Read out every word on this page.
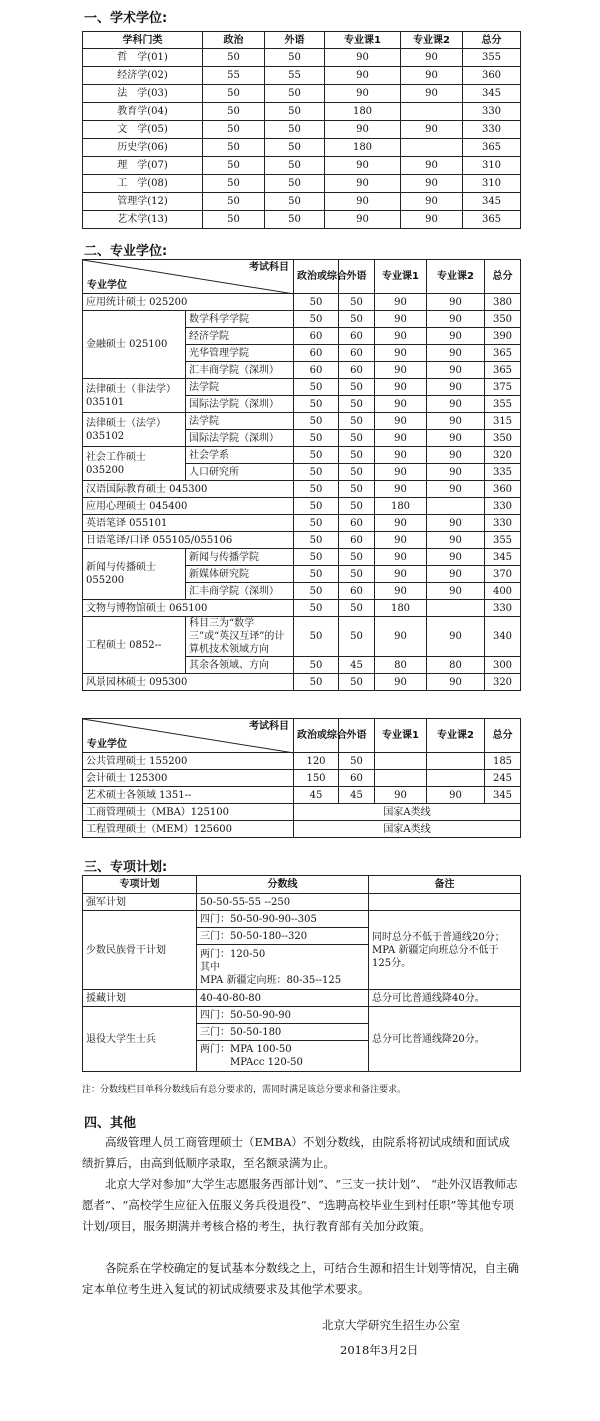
一、学术学位:
学科门类	政治	外语	专业课1	专业课2	总分
哲　学(01)	50	50	90	90	355
经济学(02)	55	55	90	90	360
法　学(03)	50	50	90	90	345
教育学(04)	50	50	180		330
文　学(05)	50	50	90	90	330
历史学(06)	50	50	180		365
理　学(07)	50	50	90	90	310
工　学(08)	50	50	90	90	310
管理学(12)	50	50	90	90	345
艺术学(13)	50	50	90	90	365
二、专业学位:
考试科目
专业学位		政治或综合	外语	专业课1	专业课2	总分
应用统计硕士 025200		50	50	90	90	380
金融硕士 025100	数学科学学院	50	50	90	90	350
	经济学院	60	60	90	90	390
	光华管理学院	60	60	90	90	365
	汇丰商学院（深圳）	60	60	90	90	365
法律硕士（非法学）035101	法学院	50	50	90	90	375
	国际法学院（深圳）	50	50	90	90	355
法律硕士（法学）035102	法学院	50	50	90	90	315
	国际法学院（深圳）	50	50	90	90	350
社会工作硕士 035200	社会学系	50	50	90	90	320
	人口研究所	50	50	90	90	335
汉语国际教育硕士 045300		50	50	90	90	360
应用心理硕士 045400		50	50	180		330
英语笔译 055101		50	60	90	90	330
日语笔译/口译 055105/055106		50	60	90	90	355
新闻与传播硕士 055200	新闻与传播学院	50	50	90	90	345
	新媒体研究院	50	50	90	90	370
	汇丰商学院（深圳）	50	60	90	90	400
文物与博物馆硕士 065100		50	50	180		330
工程硕士 0852--	科目三为“数学三”或“英汉互译”的计算机技术领域方向	50	50	90	90	340
	其余各领域、方向	50	45	80	80	300
风景园林硕士 095300		50	50	90	90	320
考试科目
专业学位	政治或综合	外语	专业课1	专业课2	总分
公共管理硕士 155200	120	50			185
会计硕士 125300	150	60			245
艺术硕士各领域 1351--	45	45	90	90	345
工商管理硕士（MBA）125100	国家A类线				
工程管理硕士（MEM）125600	国家A类线				
三、专项计划:
专项计划	分数线	备注
强军计划	50-50-55-55 --250	
少数民族骨干计划	四门：50-50-90-90--305	同时总分不低于普通线20分；MPA 新疆定向班总分不低于125分。
	三门：50-50-180--320	
	两门：120-50
其中
MPA 新疆定向班：80-35--125	
援藏计划	40-40-80-80	总分可比普通线降40分。
退役大学生士兵	四门：50-50-90-90	总分可比普通线降20分。
	三门：50-50-180	
	两门：MPA 100-50
　　　MPAcc 120-50	
注：分数线栏目单科分数线后有总分要求的，需同时满足该总分要求和备注要求。
四、其他

高级管理人员工商管理硕士（EMBA）不划分数线，由院系将初试成绩和面试成绩折算后，由高到低顺序录取，至名额录满为止。

北京大学对参加“大学生志愿服务西部计划”、“三支一扶计划”、 “赴外汉语教师志愿者”、“高校学生应征入伍服义务兵役退役”、“选聘高校毕业生到村任职”等其他专项计划/项目，服务期满并考核合格的考生，执行教育部有关加分政策。

各院系在学校确定的复试基本分数线之上，可结合生源和招生计划等情况，自主确定本单位考生进入复试的初试成绩要求及其他学术要求。

北京大学研究生招生办公室
2018年3月2日
